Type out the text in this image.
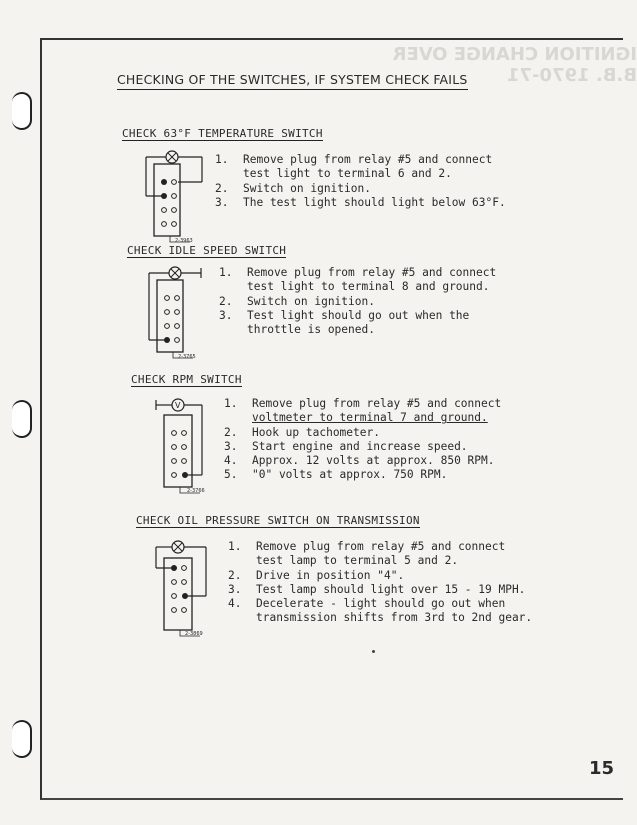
IGNITION CHANGE OVER B.B. 1970-71
CHECKING OF THE SWITCHES, IF SYSTEM CHECK FAILS
CHECK 63°F TEMPERATURE SWITCH
2-3963
1.	Remove plug from relay #5 and connect
test light to terminal 6 and 2.
2.	Switch on ignition.
3.	The test light should light below 63°F.
CHECK IDLE SPEED SWITCH
2-3765
1.	Remove plug from relay #5 and connect
test light to terminal 8 and ground.
2.	Switch on ignition.
3.	Test light should go out when the
throttle is opened.
CHECK RPM SWITCH
V
2-3766
1.	Remove plug from relay #5 and connect
voltmeter to terminal 7 and ground.
2.	Hook up tachometer.
3.	Start engine and increase speed.
4.	Approx. 12 volts at approx. 850 RPM.
5.	"0" volts at approx. 750 RPM.
CHECK OIL PRESSURE SWITCH ON TRANSMISSION
2-3869
1.	Remove plug from relay #5 and connect
test lamp to terminal 5 and 2.
2.	Drive in position "4".
3.	Test lamp should light over 15 - 19 MPH.
4.	Decelerate - light should go out when
transmission shifts from 3rd to 2nd gear.
15
